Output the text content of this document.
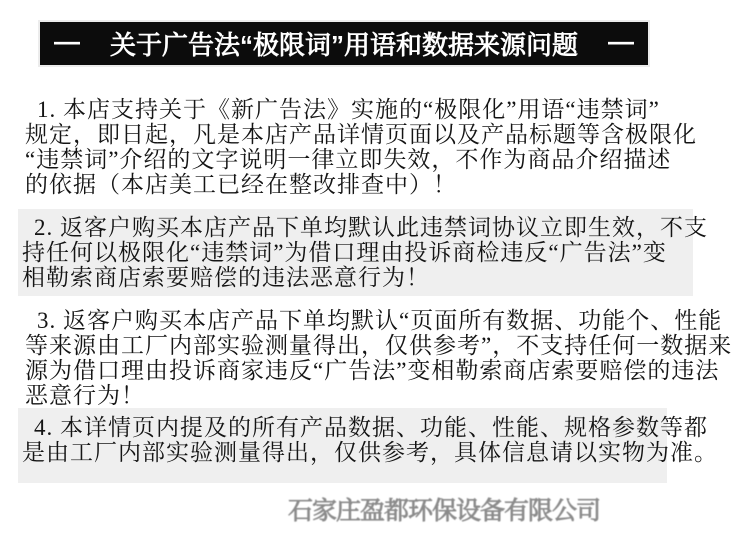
— 关于广告法“极限词”用语和数据来源问题 —
1. 本店支持关于《新广告法》实施的“极限化”用语“违禁词”
规定，即日起，凡是本店产品详情页面以及产品标题等含极限化
“违禁词”介绍的文字说明一律立即失效，不作为商品介绍描述
的依据（本店美工已经在整改排查中）！
2. 返客户购买本店产品下单均默认此违禁词协议立即生效，不支
持任何以极限化“违禁词”为借口理由投诉商检违反“广告法”变
相勒索商店索要赔偿的违法恶意行为！
3. 返客户购买本店产品下单均默认“页面所有数据、功能个、性能
等来源由工厂内部实验测量得出，仅供参考”，不支持任何一数据来
源为借口理由投诉商家违反“广告法”变相勒索商店索要赔偿的违法
恶意行为！
4. 本详情页内提及的所有产品数据、功能、性能、规格参数等都
是由工厂内部实验测量得出，仅供参考，具体信息请以实物为准。
石家庄盈都环保设备有限公司
